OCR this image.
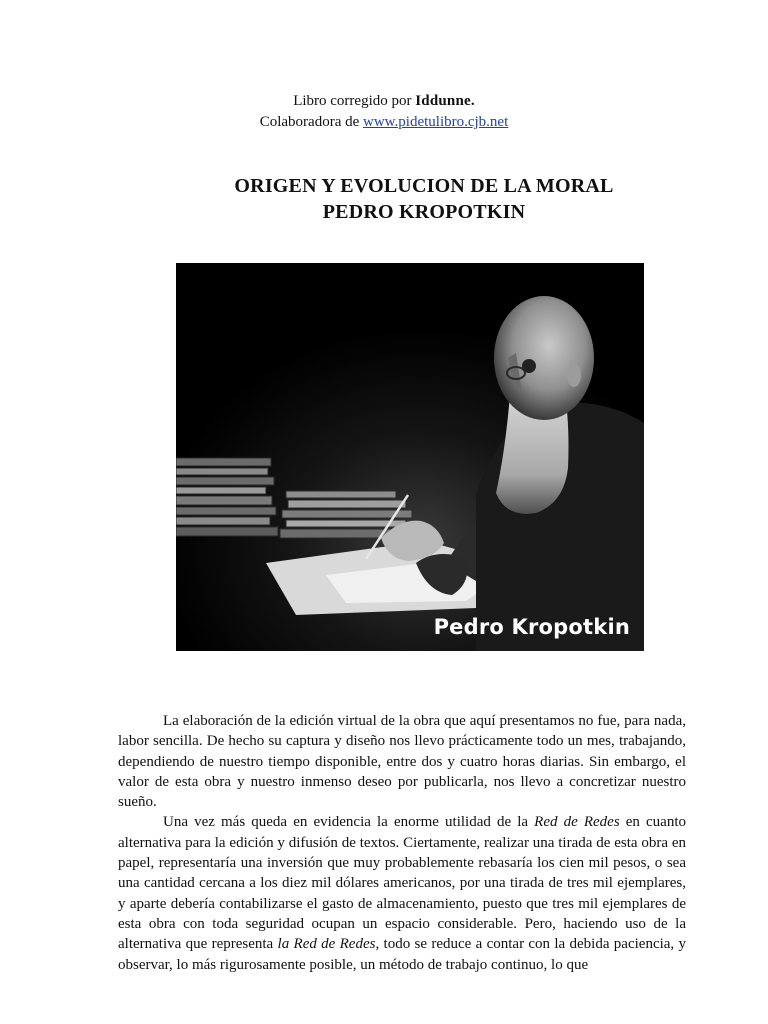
Libro corregido por Iddunne.
Colaboradora de www.pidetulibro.cjb.net
ORIGEN Y EVOLUCION DE LA MORAL
PEDRO KROPOTKIN
Pedro Kropotkin

La elaboración de la edición virtual de la obra que aquí presentamos no fue, para nada, labor sencilla. De hecho su captura y diseño nos llevo prácticamente todo un mes, trabajando, dependiendo de nuestro tiempo disponible, entre dos y cuatro horas diarias. Sin embargo, el valor de esta obra y nuestro inmenso deseo por publicarla, nos llevo a concretizar nuestro sueño.

Una vez más queda en evidencia la enorme utilidad de la Red de Redes en cuanto alternativa para la edición y difusión de textos. Ciertamente, realizar una tirada de esta obra en papel, representaría una inversión que muy probablemente rebasaría los cien mil pesos, o sea una cantidad cercana a los diez mil dólares americanos, por una tirada de tres mil ejemplares, y aparte debería contabilizarse el gasto de almacenamiento, puesto que tres mil ejemplares de esta obra con toda seguridad ocupan un espacio considerable. Pero, haciendo uso de la alternativa que representa la Red de Redes, todo se reduce a contar con la debida paciencia, y observar, lo más rigurosamente posible, un método de trabajo continuo, lo que
